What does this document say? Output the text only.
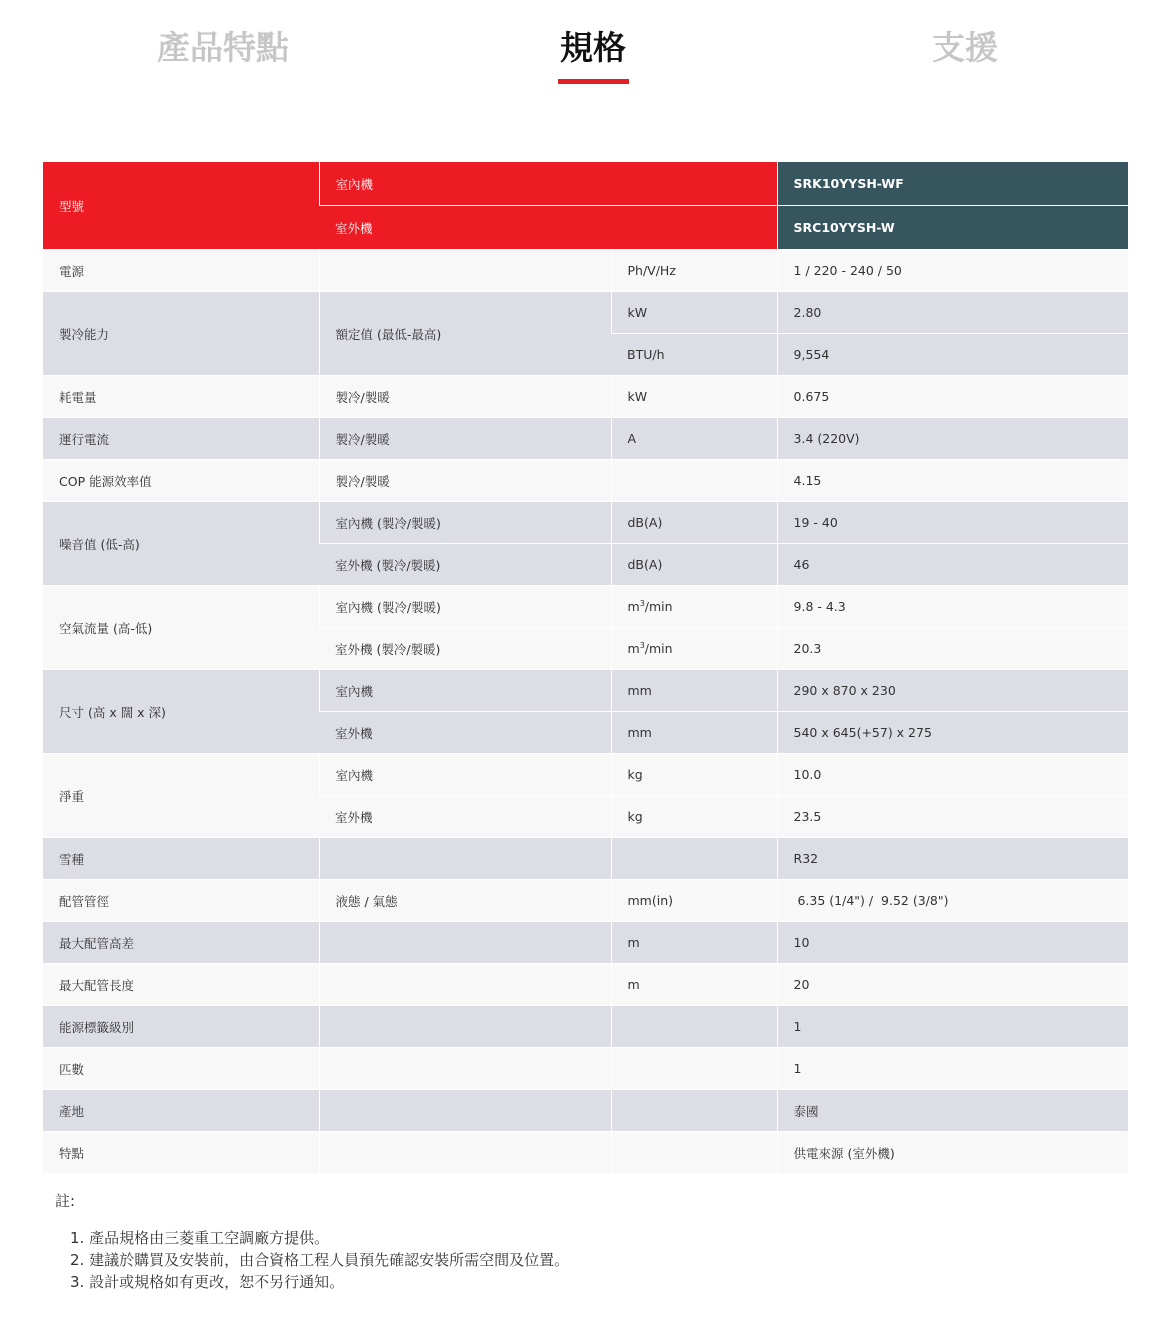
產品特點	規格	支援
型號	室內機		SRK10YYSH-WF
	室外機		SRC10YYSH-W
電源		Ph/V/Hz	1 / 220 - 240 / 50
製冷能力	額定值 (最低-最高)	kW	2.80
		BTU/h	9,554
耗電量	製冷/製暖	kW	0.675
運行電流	製冷/製暖	A	3.4 (220V)
COP 能源效率值	製冷/製暖		4.15
噪音值 (低-高)	室內機 (製冷/製暖)	dB(A)	19 - 40
	室外機 (製冷/製暖)	dB(A)	46
空氣流量 (高-低)	室內機 (製冷/製暖)	$m^3/\min$	9.8 - 4.3
	室外機 (製冷/製暖)	$m^3/\min$	20.3
尺寸 (高 x 闊 x 深)	室內機	mm	290 x 870 x 230
	室外機	mm	540 x 645(+57) x 275
淨重	室內機	kg	10.0
	室外機	kg	23.5
雪種			R32
配管管徑	液態 / 氣態	mm(in)	6.35 (1/4") /  9.52 (3/8")
最大配管高差		m	10
最大配管長度		m	20
能源標籤級別			1
匹數			1
產地			泰國
特點			供電來源 (室外機)
註:
1. 產品規格由三菱重工空調廠方提供。
2. 建議於購買及安裝前，由合資格工程人員預先確認安裝所需空間及位置。
3. 設計或規格如有更改，恕不另行通知。
